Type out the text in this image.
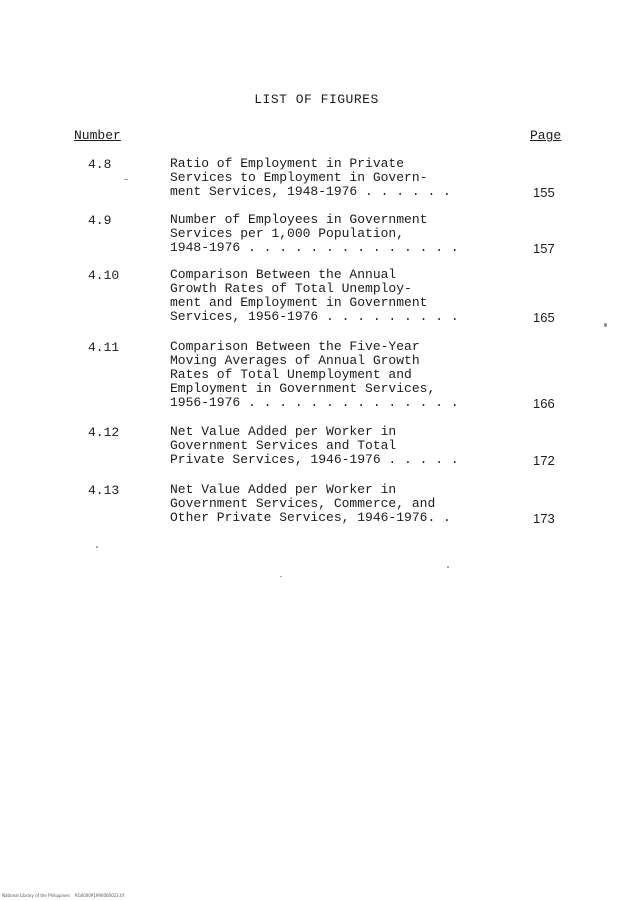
LIST OF FIGURES
Number	Page
4.8	Ratio of Employment in Private
Services to Employment in Govern-
ment Services, 1948-1976 . . . . . .	155
4.9	Number of Employees in Government
Services per 1,000 Population,
1948-1976 . . . . . . . . . . . . . .	157
4.10	Comparison Between the Annual
Growth Rates of Total Unemploy-
ment and Employment in Government
Services, 1956-1976 . . . . . . . . .	165
4.11	Comparison Between the Five-Year
Moving Averages of Annual Growth
Rates of Total Unemployment and
Employment in Government Services,
1956-1976 . . . . . . . . . . . . . .	166
4.12	Net Value Added per Worker in
Government Services and Total
Private Services, 1946-1976 . . . . .	172
4.13	Net Value Added per Worker in
Government Services, Commerce, and
Other Private Services, 1946-1976. .	173
National Library of the Philippines    RG0000P1990000023.tif
